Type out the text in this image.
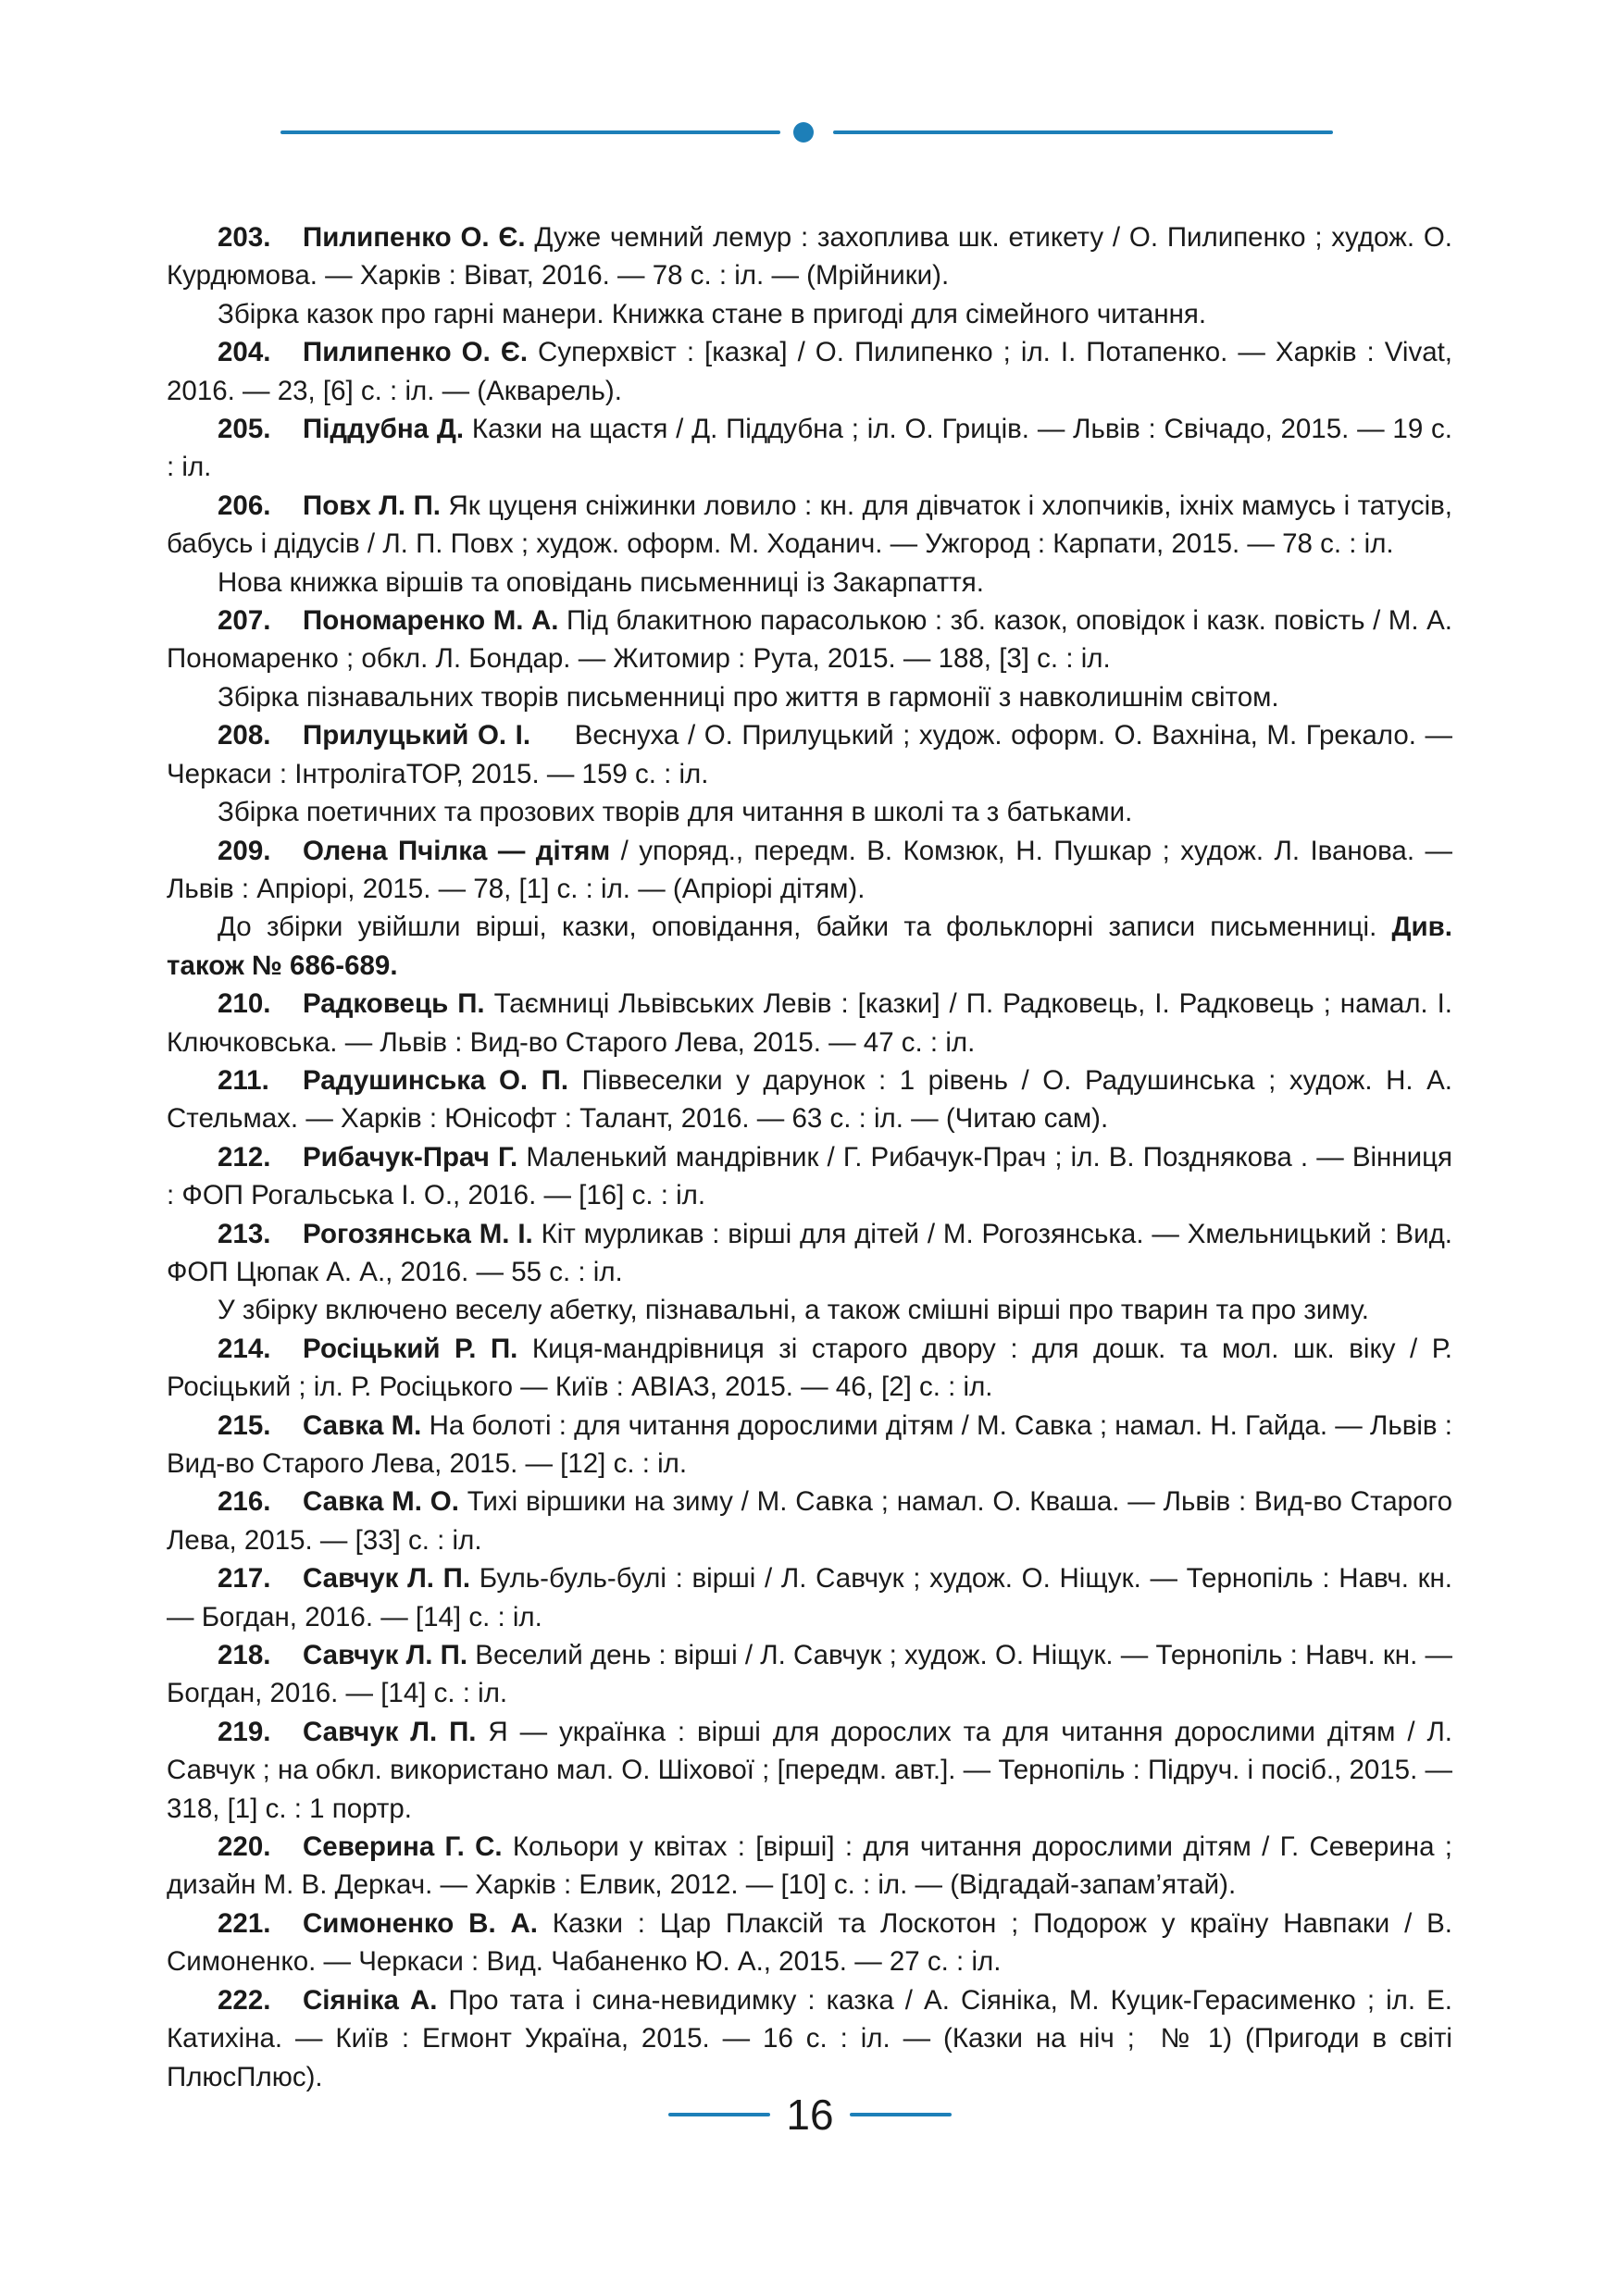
203. Пилипенко О. Є. Дуже чемний лемур : захоплива шк. етикету / О. Пилипенко ; худож. О. Курдюмова. — Харків : Віват, 2016. — 78 с. : іл. — (Мрійники).

Збірка казок про гарні манери. Книжка стане в пригоді для сімейного читання.

204. Пилипенко О. Є. Суперхвіст : [казка] / О. Пилипенко ; іл. І. Потапенко. — Харків : Vivat, 2016. — 23, [6] с. : іл. — (Акварель).

205. Піддубна Д. Казки на щастя / Д. Піддубна ; іл. О. Гриців. — Львів : Свічадо, 2015. — 19 с. : іл.

206. Повх Л. П. Як цуценя сніжинки ловило : кн. для дівчаток і хлопчиків, іхніх мамусь і татусів, бабусь і дідусів / Л. П. Повх ; худож. оформ. М. Ходанич. — Ужгород : Карпати, 2015. — 78 с. : іл.

Нова книжка віршів та оповідань письменниці із Закарпаття.

207. Пономаренко М. А. Під блакитною парасолькою : зб. казок, оповідок і казк. повість / М. А. Пономаренко ; обкл. Л. Бондар. — Житомир : Рута, 2015. — 188, [3] с. : іл.

Збірка пізнавальних творів письменниці про життя в гармонії з навколишнім світом.

208. Прилуцький О. І.     Веснуха / О. Прилуцький ; худож. оформ. О. Вахніна, М. Грекало. — Черкаси : ІнтролігаТОР, 2015. — 159 с. : іл.

Збірка поетичних та прозових творів для читання в школі та з батьками.

209. Олена Пчілка — дітям / упоряд., передм. В. Комзюк, Н. Пушкар ; худож. Л. Іванова. — Львів : Апріорі, 2015. — 78, [1] с. : іл. — (Апріорі дітям).

До збірки увійшли вірші, казки, оповідання, байки та фольклорні записи письменниці. Див. також № 686-689.

210. Радковець П. Таємниці Львівських Левів : [казки] / П. Радковець, І. Радковець ; намал. І. Ключковська. — Львів : Вид-во Старого Лева, 2015. — 47 с. : іл.

211. Радушинська О. П. Піввеселки у дарунок : 1 рівень / О. Радушинська ; худож. Н. А. Стельмах. — Харків : Юнісофт : Талант, 2016. — 63 с. : іл. — (Читаю сам).

212. Рибачук-Прач Г. Маленький мандрівник / Г. Рибачук-Прач ; іл. В. Позднякова . — Вінниця : ФОП Рогальська І. О., 2016. — [16] с. : іл.

213. Рогозянська М. І. Кіт мурликав : вірші для дітей / М. Рогозянська. — Хмельницький : Вид. ФОП Цюпак А. А., 2016. — 55 с. : іл.

У збірку включено веселу абетку, пізнавальні, а також смішні вірші про тварин та про зиму.

214. Росіцький Р. П. Киця-мандрівниця зі старого двору : для дошк. та мол. шк. віку / Р. Росіцький ; іл. Р. Росіцького — Київ : АВІАЗ, 2015. — 46, [2] с. : іл.

215. Савка М. На болоті : для читання дорослими дітям / М. Савка ; намал. Н. Гайда. — Львів : Вид-во Старого Лева, 2015. — [12] с. : іл.

216. Савка М. О. Тихі віршики на зиму / М. Савка ; намал. О. Кваша. — Львів : Вид-во Старого Лева, 2015. — [33] с. : іл.

217. Савчук Л. П. Буль-буль-булі : вірші / Л. Савчук ; худож. О. Ніщук. — Тернопіль : Навч. кн. — Богдан, 2016. — [14] с. : іл.

218. Савчук Л. П. Веселий день : вірші / Л. Савчук ; худож. О. Ніщук. — Тернопіль : Навч. кн. — Богдан, 2016. — [14] с. : іл.

219. Савчук Л. П. Я — українка : вірші для дорослих та для читання дорослими дітям / Л. Савчук ; на обкл. використано мал. О. Шіхової ; [передм. авт.]. — Тернопіль : Підруч. і посіб., 2015. — 318, [1] с. : 1 портр.

220. Северина Г. С. Кольори у квітах : [вірші] : для читання дорослими дітям / Г. Северина ; дизайн М. В. Деркач. — Харків : Елвик, 2012. — [10] с. : іл. — (Відгадай-запам’ятай).

221. Симоненко В. А. Казки : Цар Плаксій та Лоскотон ; Подорож у країну Навпаки / В. Симоненко. — Черкаси : Вид. Чабаненко Ю. А., 2015. — 27 с. : іл.

222. Сіяніка А. Про тата і сина-невидимку : казка / А. Сіяніка, М. Куцик-Герасименко ; іл. Е. Катихіна. — Київ : Егмонт Україна, 2015. — 16 с. : іл. — (Казки на ніч ;  № 1) (Пригоди в світі ПлюсПлюс).

16
